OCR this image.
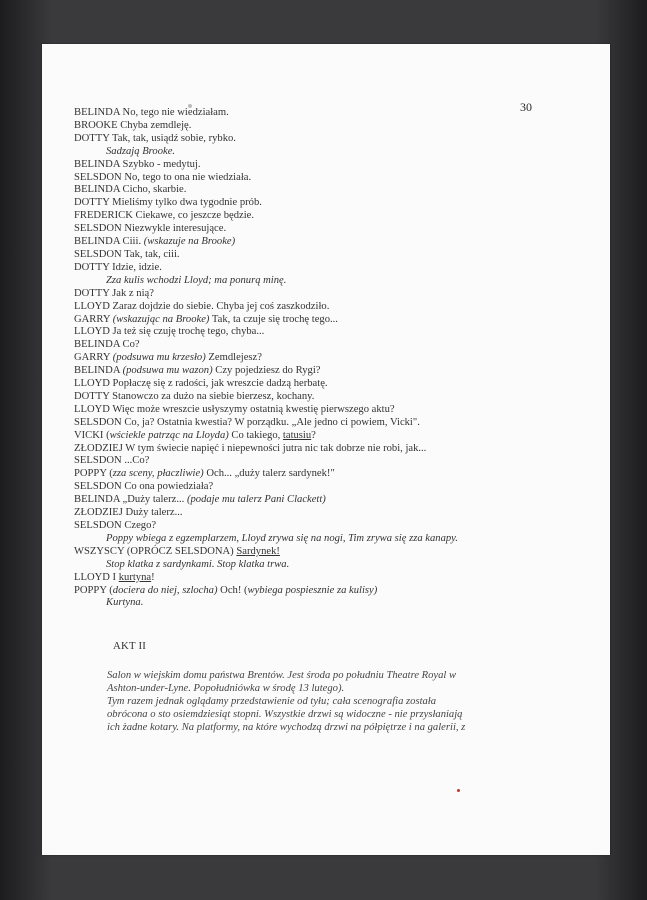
30
BELINDA No, tego nie wiedziałam.
BROOKE Chyba zemdleję.
DOTTY Tak, tak, usiądź sobie, rybko.
Sadzają Brooke.
BELINDA Szybko - medytuj.
SELSDON No, tego to ona nie wiedziała.
BELINDA Cicho, skarbie.
DOTTY Mieliśmy tylko dwa tygodnie prób.
FREDERICK Ciekawe, co jeszcze będzie.
SELSDON Niezwykle interesujące.
BELINDA Ciii. (wskazuje na Brooke)
SELSDON Tak, tak, ciii.
DOTTY Idzie, idzie.
Zza kulis wchodzi Lloyd; ma ponurą minę.
DOTTY Jak z nią?
LLOYD Zaraz dojdzie do siebie. Chyba jej coś zaszkodziło.
GARRY (wskazując na Brooke) Tak, ta czuje się trochę tego...
LLOYD Ja też się czuję trochę tego, chyba...
BELINDA Co?
GARRY (podsuwa mu krzesło) Zemdlejesz?
BELINDA (podsuwa mu wazon) Czy pojedziesz do Rygi?
LLOYD Popłaczę się z radości, jak wreszcie dadzą herbatę.
DOTTY Stanowczo za dużo na siebie bierzesz, kochany.
LLOYD Więc może wreszcie usłyszymy ostatnią kwestię pierwszego aktu?
SELSDON Co, ja? Ostatnia kwestia? W porządku. „Ale jedno ci powiem, Vicki".
VICKI (wściekle patrząc na Lloyda) Co takiego, tatusiu?
ZŁODZIEJ W tym świecie napięć i niepewności jutra nic tak dobrze nie robi, jak...
SELSDON ...Co?
POPPY (zza sceny, płaczliwie) Och... „duży talerz sardynek!"
SELSDON Co ona powiedziała?
BELINDA „Duży talerz... (podaje mu talerz Pani Clackett)
ZŁODZIEJ Duży talerz...
SELSDON Czego?
Poppy wbiega z egzemplarzem, Lloyd zrywa się na nogi, Tim zrywa się zza kanapy.
WSZYSCY (OPRÓCZ SELSDONA) Sardynek!
Stop klatka z sardynkami. Stop klatka trwa.
LLOYD I kurtyna!
POPPY (dociera do niej, szlocha) Och! (wybiega pospiesznie za kulisy)
Kurtyna.
AKT II
Salon w wiejskim domu państwa Brentów. Jest środa po południu Theatre Royal w
Ashton-under-Lyne. Popołudniówka w środę 13 lutego).
Tym razem jednak oglądamy przedstawienie od tyłu; cała scenografia została
obrócona o sto osiemdziesiąt stopni. Wszystkie drzwi są widoczne - nie przysłaniają
ich żadne kotary. Na platformy, na które wychodzą drzwi na półpiętrze i na galerii, z
